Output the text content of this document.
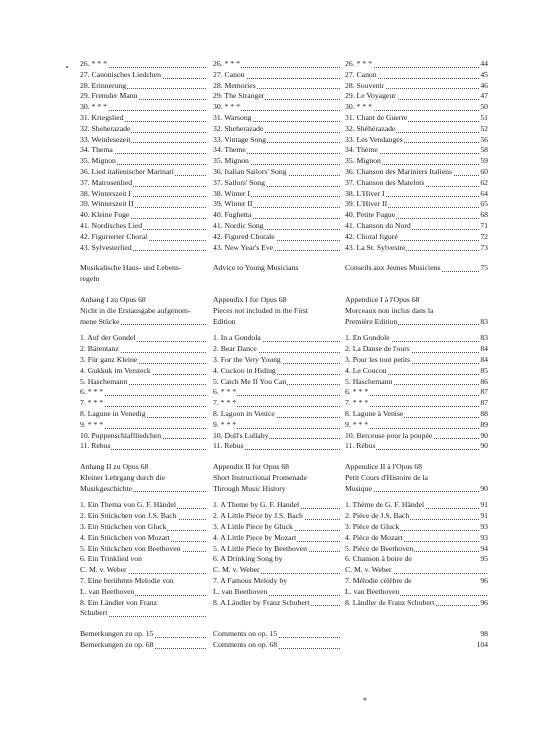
26. * * *
27. Canonisches Liedchen
28. Erinnerung
29. Fremder Mann
30. * * *
31. Kriegslied
32. Sheherazade
33. Weinlesezeit
34. Thema
35. Mignon
36. Lied italienischer Marinari
37. Matrosenlied
38. Winterszeit I
39. Winterszeit II
40. Kleine Fuge
41. Nordisches Lied
42. Figurierter Choral
43. Sylvesterlied
Musikalische Haus- und Lebens-
regeln
Anhang I zu Opus 68
Nicht in die Erstausgabe aufgenom-
mene Stücke
1. Auf der Gondel
2. Bärentanz
3. Für ganz Kleine
4. Gukkuk im Versteck
5. Haschemann
6. * * *
7. * * *
8. Lagune in Venedig
9. * * *
10. Puppenschlaflliedchen
11. Rebus
Anhang II zu Opus 68
Kleiner Lehrgang durch die
Musikgeschichte
1. Ein Thema von G. F. Händel
2. Ein Stückchen von J.S. Bach
3. Ein Stückchen von Gluck
4. Ein Stückchen von Mozart
5. Ein Stückchen von Beethoven
6. Ein Trinklied von
C. M. v. Weber
7. Eine berühmte Melodie von
L. van Beethoven
8. Ein Ländler von Franz
Schubert
Bemerkungen zu op. 15
Bemerkungen zu op. 68
26. * * *
27. Canon
28. Memories
29. The Stranger
30. * * *
31. Warsong
32. Sheherazade
33. Vintage Song
34. Theme
35. Mignon
36. Italian Sailors' Song
37. Sailors' Song
38. Winter I
39. Winter II
40. Fughetta
41. Nordic Song
42. Figured Chorale
43. New Year's Eve
Advice to Young Musicians
Appendix I for Opus 68
Pieces not included in the First
Edition
1. In a Gondola
2. Bear Dance
3. For the Very Young
4. Cuckoo in Hiding
5. Catch Me If You Can
6. * * *
7. * * *
8. Lagoon in Venice
9. * * *
10. Doll's Lullaby
11. Rebus
Appendix II for Opus 68
Short Instructional Promenade
Through Music History
1. A Theme by G. F. Handel
2. A Little Piece by J.S. Bach
3. A Little Piece by Gluck
4. A Little Piece by Mozart
5. A Little Piece by Beethoven
6. A Drinking Song by
C. M. v. Weber
7. A Famous Melody by
L. van Beethoven
8. A Ländler by Franz Schubert
Comments on op. 15
Comments on op. 68
26. * * *
27. Canon
28. Souvenir
29. Le Voyageur
30. * * *
31. Chant de Guerre
32. Shéhérazade
33. Les Vendanges
34. Thème
35. Mignon
36. Chanson des Mariniers Italiens
37. Chanson des Matelots
38. L'Hiver I
39. L'Hiver II
40. Petite Fugue
41. Chanson du Nord
42. Choral figuré
43. La St. Sylvestre
Conseils aux Jeunes Musiciens
Appendice I à l'Opus 68
Morceaux non inclus dans la
Première Edition
1. En Gondole
2. La Danse de l'ours
3. Pour les tout petits
4. Le Coucou
5. Haschemann
6. * * *
7. * * *
8. Lagune à Venise
9. * * *
10. Berceuse pour la poupée
11. Rébus
Appendice II à l'Opus 68
Petit Cours d'Histoire de la
Musique
1. Thème de G. F. Händel
2. Pièce de J.S. Bach
3. Pièce de Gluck
4. Pièce de Mozart
5. Pièce de Beethoven
6. Chanson à boire de
C. M. v. Weber
7. Mélodie célèbre de
L. van Beethoven
8. Ländler de Franz Schubert
44
45
46
47
50
51
52
56
58
59
60
62
64
65
68
71
72
73
75
83
83
84
84
85
86
87
87
88
89
90
90
90
91
91
93
93
94
95
96
96
98
104
*
